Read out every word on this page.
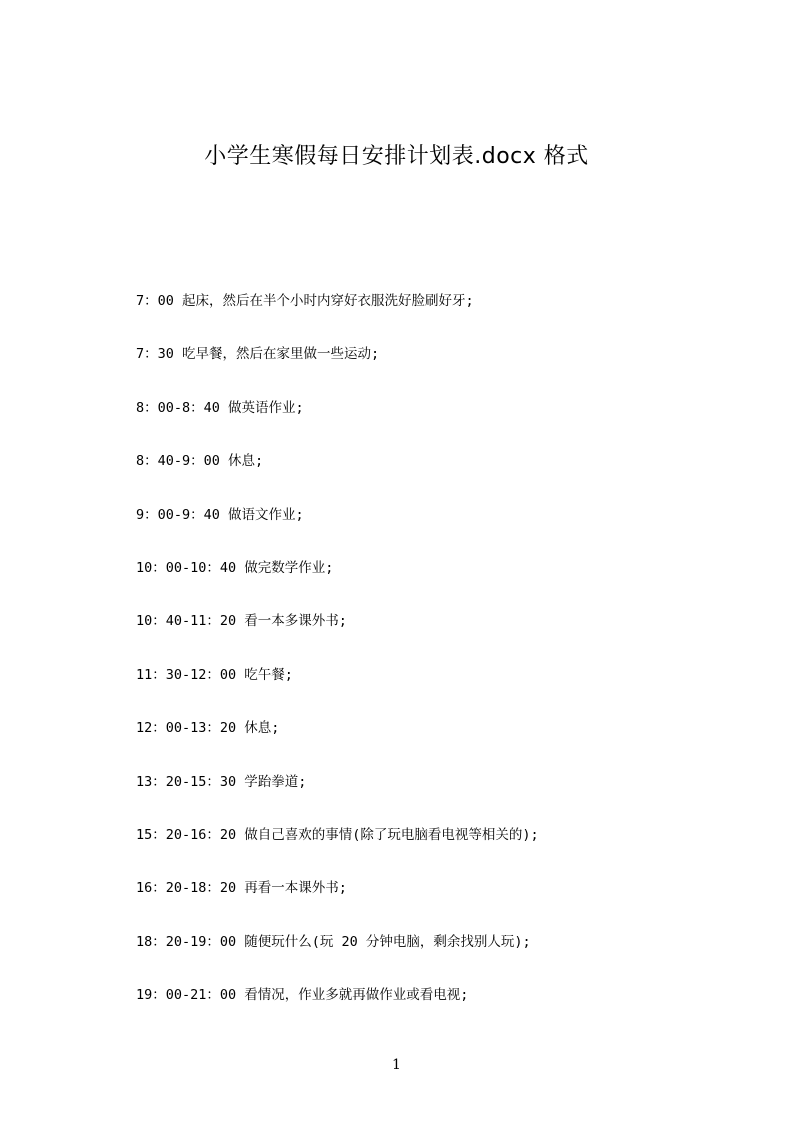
小学生寒假每日安排计划表.docx 格式
7：00 起床，然后在半个小时内穿好衣服洗好脸刷好牙;
7：30 吃早餐，然后在家里做一些运动;
8：00-8：40 做英语作业;
8：40-9：00 休息;
9：00-9：40 做语文作业;
10：00-10：40 做完数学作业;
10：40-11：20 看一本多课外书;
11：30-12：00 吃午餐;
12：00-13：20 休息;
13：20-15：30 学跆拳道;
15：20-16：20 做自己喜欢的事情(除了玩电脑看电视等相关的);
16：20-18：20 再看一本课外书;
18：20-19：00 随便玩什么(玩 20 分钟电脑，剩余找别人玩);
19：00-21：00 看情况，作业多就再做作业或看电视;
1
